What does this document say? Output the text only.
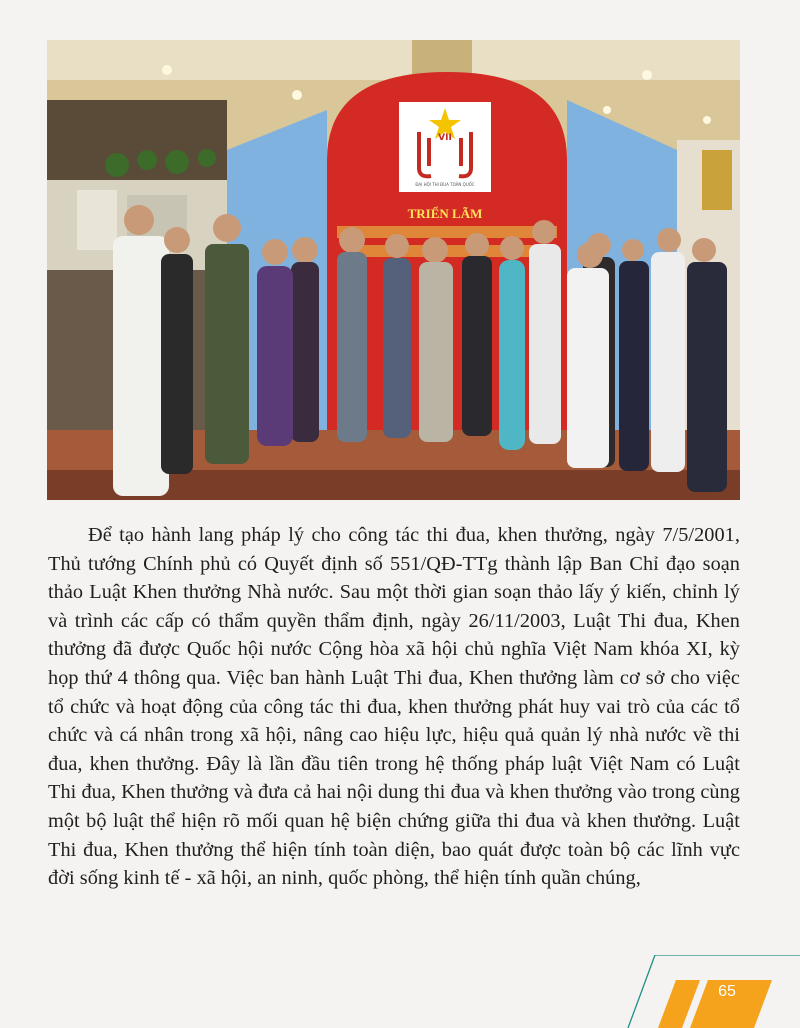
VII
ĐẠI HỘI THI ĐUA TOÀN QUỐC
TRIỂN LÃM

Để tạo hành lang pháp lý cho công tác thi đua, khen thưởng, ngày 7/5/2001, Thủ tướng Chính phủ có Quyết định số 551/QĐ-TTg thành lập Ban Chỉ đạo soạn thảo Luật Khen thưởng Nhà nước. Sau một thời gian soạn thảo lấy ý kiến, chỉnh lý và trình các cấp có thẩm quyền thẩm định, ngày 26/11/2003, Luật Thi đua, Khen thưởng đã được Quốc hội nước Cộng hòa xã hội chủ nghĩa Việt Nam khóa XI, kỳ họp thứ 4 thông qua. Việc ban hành Luật Thi đua, Khen thưởng làm cơ sở cho việc tổ chức và hoạt động của công tác thi đua, khen thưởng phát huy vai trò của các tổ chức và cá nhân trong xã hội, nâng cao hiệu lực, hiệu quả quản lý nhà nước về thi đua, khen thưởng. Đây là lần đầu tiên trong hệ thống pháp luật Việt Nam có Luật Thi đua, Khen thưởng và đưa cả hai nội dung thi đua và khen thưởng vào trong cùng một bộ luật thể hiện rõ mối quan hệ biện chứng giữa thi đua và khen thưởng. Luật Thi đua, Khen thưởng thể hiện tính toàn diện, bao quát được toàn bộ các lĩnh vực đời sống kinh tế - xã hội, an ninh, quốc phòng, thể hiện tính quần chúng,

65
